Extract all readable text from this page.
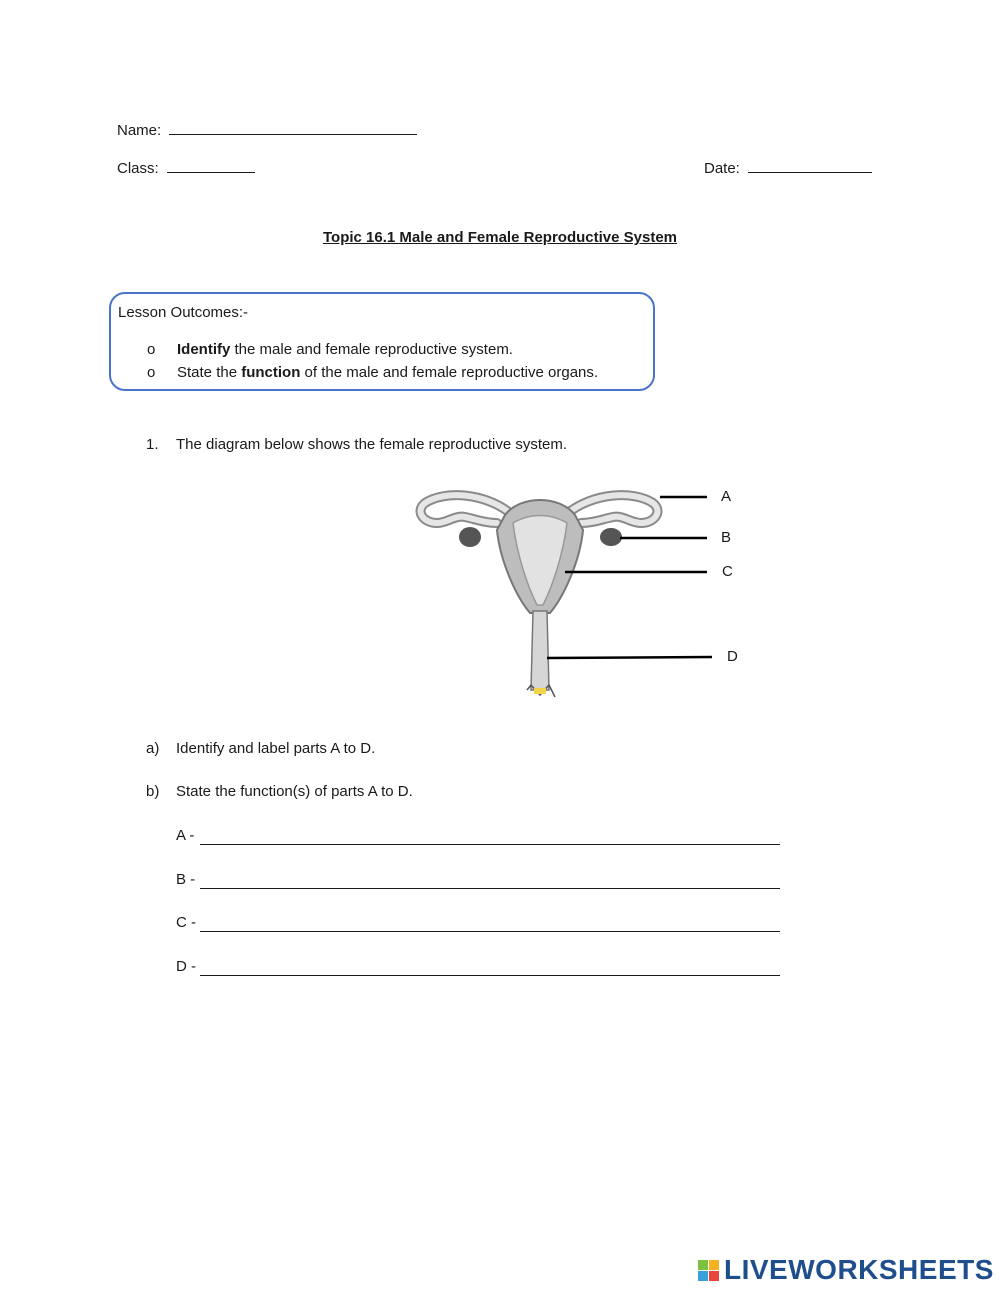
Name:
Class:	Date:
Topic 16.1 Male and Female Reproductive System
Lesson Outcomes:-
o Identify the male and female reproductive system.
o State the function of the male and female reproductive organs.
1. The diagram below shows the female reproductive system.
A
B
C
D
a) Identify and label parts A to D.
b) State the function(s) of parts A to D.
A -
B -
C -
D -
LIVEWORKSHEETS
